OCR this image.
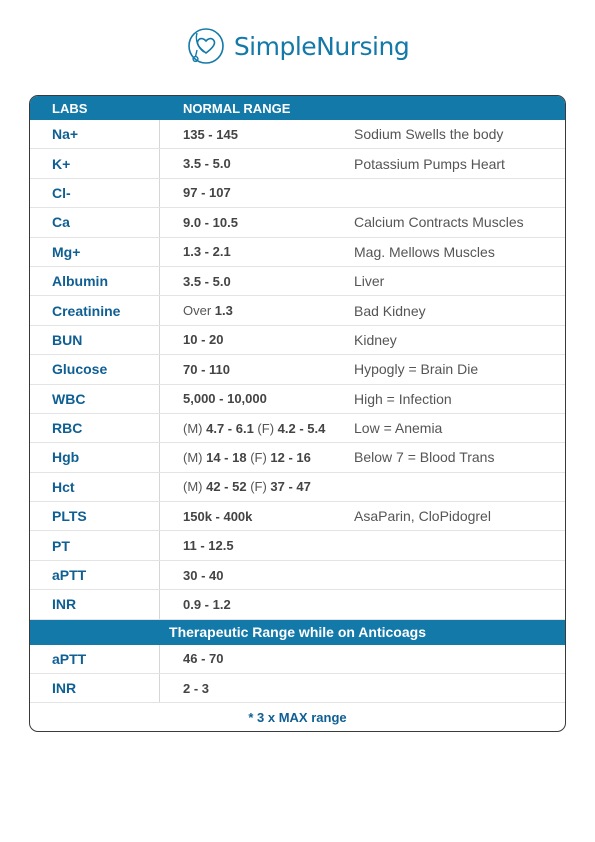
SimpleNursing
LABS	NORMAL RANGE
Na+	135 - 145	Sodium Swells the body
K+	3.5 - 5.0	Potassium Pumps Heart
Cl-	97 - 107
Ca	9.0 - 10.5	Calcium Contracts Muscles
Mg+	1.3 - 2.1	Mag. Mellows Muscles
Albumin	3.5 - 5.0	Liver
Creatinine	Over 1.3	Bad Kidney
BUN	10 - 20	Kidney
Glucose	70 - 110	Hypogly = Brain Die
WBC	5,000 - 10,000	High = Infection
RBC	(M) 4.7 - 6.1 (F) 4.2 - 5.4	Low = Anemia
Hgb	(M) 14 - 18 (F) 12 - 16	Below 7 = Blood Trans
Hct	(M) 42 - 52 (F) 37 - 47
PLTS	150k - 400k	AsaParin, CloPidogrel
PT	11 - 12.5
aPTT	30 - 40
INR	0.9 - 1.2
Therapeutic Range while on Anticoags
aPTT	46 - 70
INR	2 - 3
* 3 x MAX range
